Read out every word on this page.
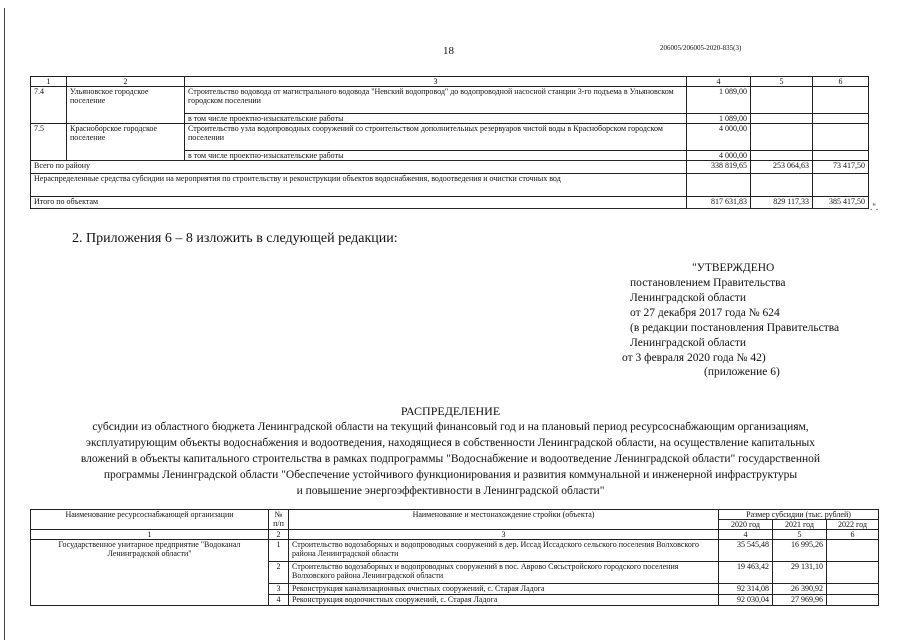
18	206005/206005-2020-835(3)
1	2	3	4	5	6
7.4	Ульяновское городское поселение	Строительство водовода от магистрального водовода "Невский водопровод" до водопроводной насосной станции 3-го подъема в Ульяновском городском поселении	1 089,00		
		в том числе проектно-изыскательские работы	1 089,00		
7.5	Красноборское городское поселение	Строительство узла водопроводных сооружений со строительством дополнительных резервуаров чистой воды в Красноборском городском поселении	4 000,00		
		в том числе проектно-изыскательские работы	4 000,00		
Всего по району			338 819,65	253 064,63	73 417,50
Нераспределенные средства субсидии на мероприятия по строительству и реконструкции объектов водоснабжения, водоотведения и очистки сточных вод					
Итого по объектам			817 631,83	829 117,33	385 417,50
.".
2. Приложения 6 – 8 изложить в следующей редакции:
"УТВЕРЖДЕНО
постановлением Правительства
Ленинградской области
от 27 декабря 2017 года № 624
(в редакции постановления Правительства
Ленинградской области
от 3 февраля 2020 года № 42)
(приложение 6)
РАСПРЕДЕЛЕНИЕ
субсидии из областного бюджета Ленинградской области на текущий финансовый год и на плановый период ресурсоснабжающим организациям,
эксплуатирующим объекты водоснабжения и водоотведения, находящиеся в собственности Ленинградской области, на осуществление капитальных
вложений в объекты капитального строительства в рамках подпрограммы "Водоснабжение и водоотведение Ленинградской области" государственной
программы Ленинградской области "Обеспечение устойчивого функционирования и развития коммунальной и инженерной инфраструктуры
и повышение энергоэффективности в Ленинградской области"
Наименование ресурсоснабжающей организации	№ п/п	Наименование и местонахождение стройки (объекта)	Размер субсидии (тыс. рублей)		
			2020 год	2021 год	2022 год
1	2	3	4	5	6
Государственное унитарное предприятие "Водоканал Ленинградской области"	1	Строительство водозаборных и водопроводных сооружений в дер. Иссад Иссадского сельского поселения Волховского района Ленинградской области	35 545,48	16 995,26	
	2	Строительство водозаборных и водопроводных сооружений в пос. Аврово Сясьстройского городского поселения Волховского района Ленинградской области	19 463,42	29 131,10	
	3	Реконструкция канализационных очистных сооружений, с. Старая Ладога	92 314,08	26 390,92	
	4	Реконструкция водоочистных сооружений, с. Старая Ладога	92 030,04	27 969,96	
